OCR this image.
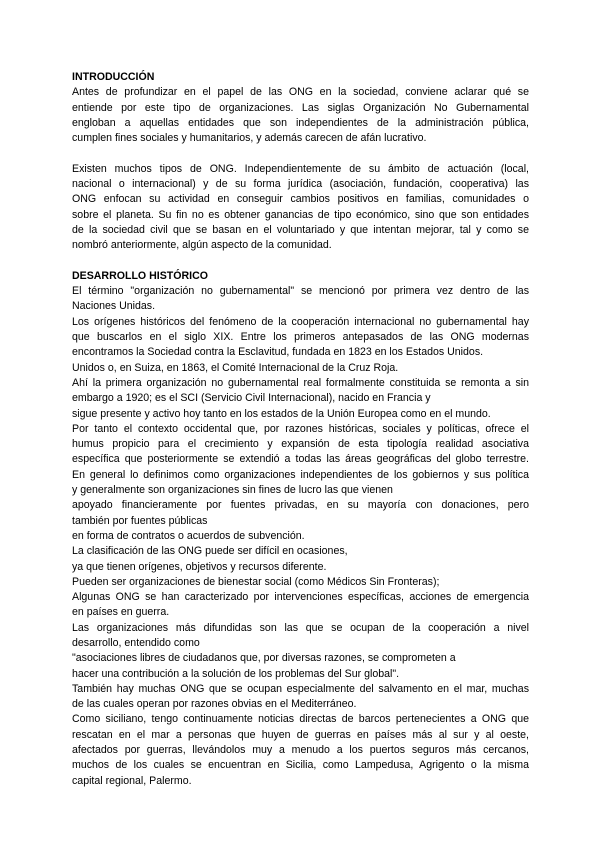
INTRODUCCIÓN
Antes de profundizar en el papel de las ONG en la sociedad, conviene aclarar qué se
entiende por este tipo de organizaciones. Las siglas Organización No Gubernamental
engloban a aquellas entidades que son independientes de la administración pública,
cumplen fines sociales y humanitarios, y además carecen de afán lucrativo.
Existen muchos tipos de ONG. Independientemente de su ámbito de actuación (local,
nacional o internacional) y de su forma jurídica (asociación, fundación, cooperativa) las
ONG enfocan su actividad en conseguir cambios positivos en familias, comunidades o
sobre el planeta. Su fin no es obtener ganancias de tipo económico, sino que son entidades
de la sociedad civil que se basan en el voluntariado y que intentan mejorar, tal y como se
nombró anteriormente, algún aspecto de la comunidad.
DESARROLLO HISTÓRICO
El término "organización no gubernamental" se mencionó por primera vez dentro de las
Naciones Unidas.
Los orígenes históricos del fenómeno de la cooperación internacional no gubernamental hay
que buscarlos en el siglo XIX. Entre los primeros antepasados de las ONG modernas
encontramos la Sociedad contra la Esclavitud, fundada en 1823 en los Estados Unidos.
Unidos o, en Suiza, en 1863, el Comité Internacional de la Cruz Roja.
Ahí la primera organización no gubernamental real formalmente constituida se remonta a sin
embargo a 1920; es el SCI (Servicio Civil Internacional), nacido en Francia y
sigue presente y activo hoy tanto en los estados de la Unión Europea como en el mundo.
Por tanto el contexto occidental que, por razones históricas, sociales y políticas, ofrece el
humus propicio para el crecimiento y expansión de esta tipología realidad asociativa
específica que posteriormente se extendió a todas las áreas geográficas del globo terrestre.
En general lo definimos como organizaciones independientes de los gobiernos y sus política
y generalmente son organizaciones sin fines de lucro las que vienen
apoyado financieramente por fuentes privadas, en su mayoría con donaciones, pero
también por fuentes públicas
en forma de contratos o acuerdos de subvención.
La clasificación de las ONG puede ser difícil en ocasiones,
ya que tienen orígenes, objetivos y recursos diferente.
Pueden ser organizaciones de bienestar social (como Médicos Sin Fronteras);
Algunas ONG se han caracterizado por intervenciones específicas, acciones de emergencia
en países en guerra.
Las organizaciones más difundidas son las que se ocupan de la cooperación a nivel
desarrollo, entendido como
"asociaciones libres de ciudadanos que, por diversas razones, se comprometen a
hacer una contribución a la solución de los problemas del Sur global".
También hay muchas ONG que se ocupan especialmente del salvamento en el mar, muchas
de las cuales operan por razones obvias en el Mediterráneo.
Como siciliano, tengo continuamente noticias directas de barcos pertenecientes a ONG que
rescatan en el mar a personas que huyen de guerras en países más al sur y al oeste,
afectados por guerras, llevándolos muy a menudo a los puertos seguros más cercanos,
muchos de los cuales se encuentran en Sicilia, como Lampedusa, Agrigento o la misma
capital regional, Palermo.
